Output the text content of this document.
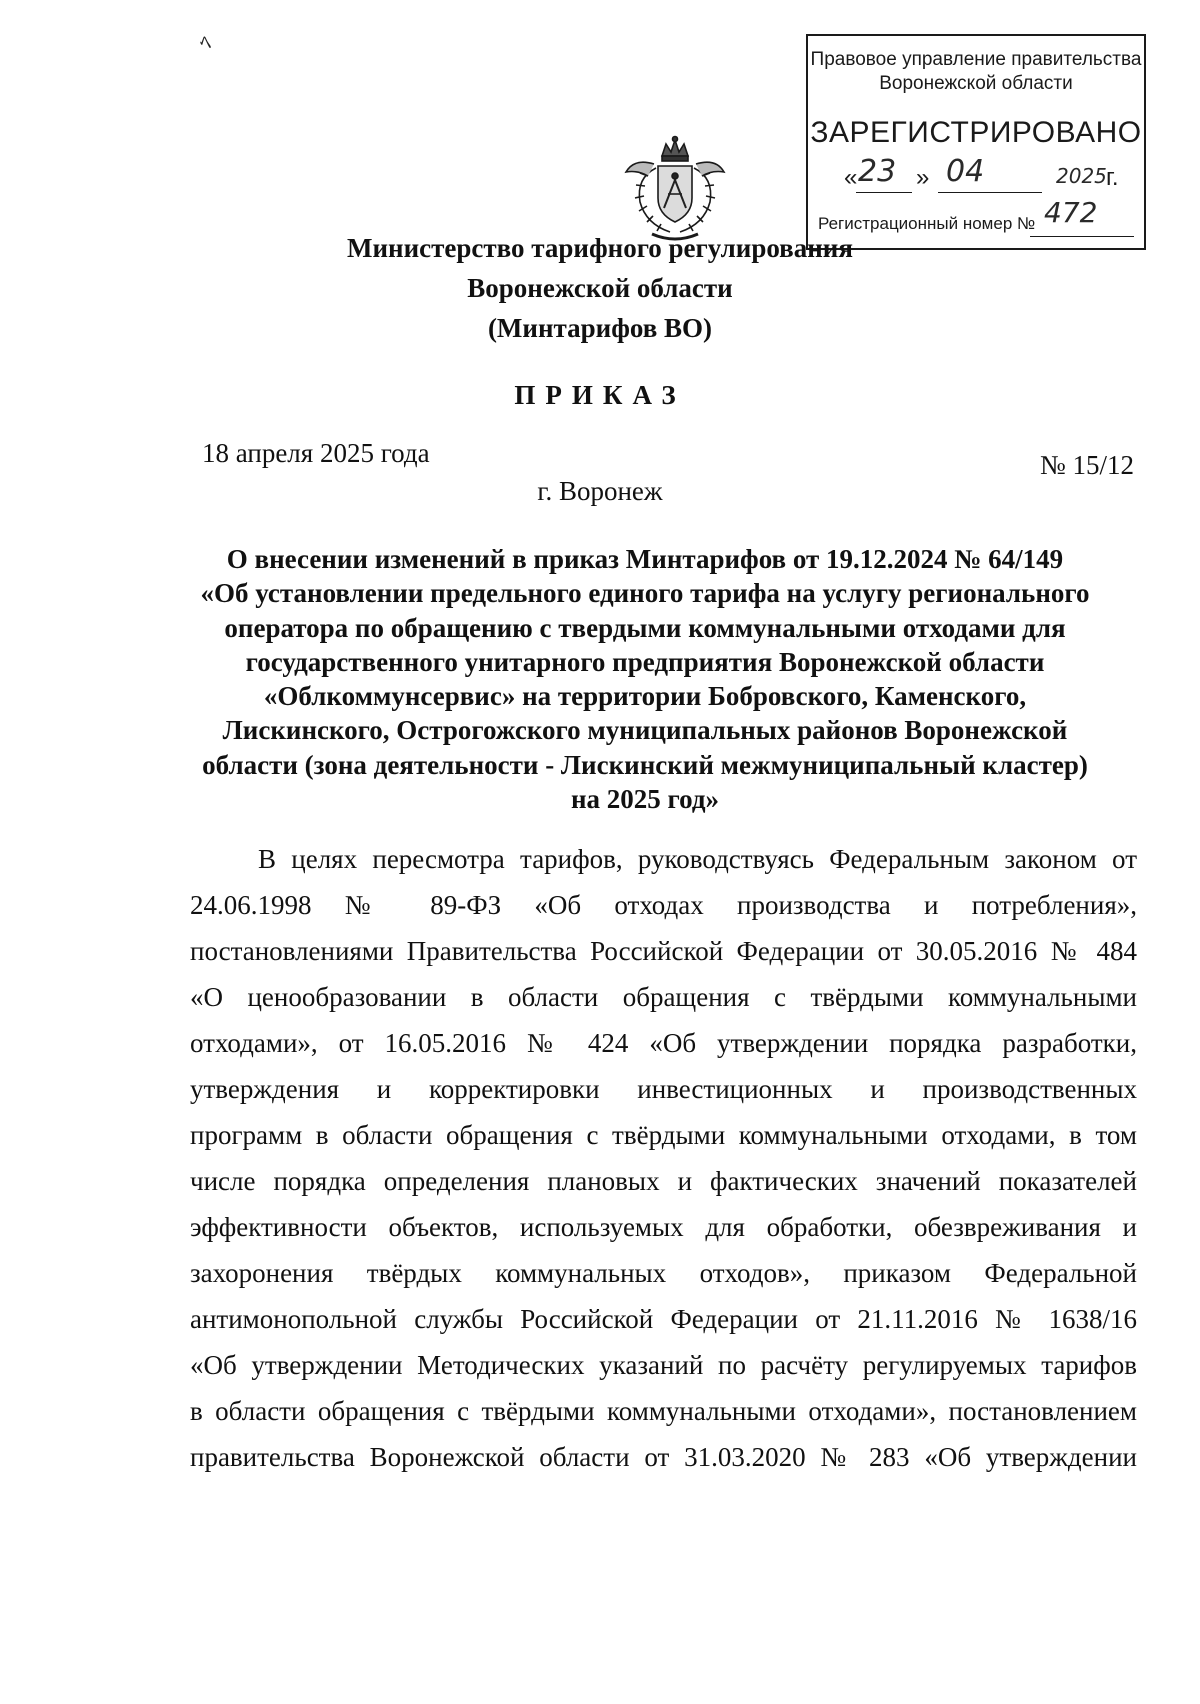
ﾍ
Правовое управление правительства
Воронежской области
ЗАРЕГИСТРИРОВАНО
« 23 » 04	2025 г.
Регистрационный номер № 472
Министерство тарифного регулирования
Воронежской области
(Минтарифов ВО)
ПРИКАЗ
18 апреля 2025 года	№ 15/12
г. Воронеж
О внесении изменений в приказ Минтарифов от 19.12.2024 № 64/149
«Об установлении предельного единого тарифа на услугу регионального
оператора по обращению с твердыми коммунальными отходами для
государственного унитарного предприятия Воронежской области
«Облкоммунсервис» на территории Бобровского, Каменского,
Лискинского, Острогожского муниципальных районов Воронежской
области (зона деятельности - Лискинский межмуниципальный кластер)
на 2025 год»
В целях пересмотра тарифов, руководствуясь Федеральным законом от
24.06.1998 № 89-ФЗ «Об отходах производства и потребления»,
постановлениями Правительства Российской Федерации от 30.05.2016 № 484
«О ценообразовании в области обращения с твёрдыми коммунальными
отходами», от 16.05.2016 № 424 «Об утверждении порядка разработки,
утверждения и корректировки инвестиционных и производственных
программ в области обращения с твёрдыми коммунальными отходами, в том
числе порядка определения плановых и фактических значений показателей
эффективности объектов, используемых для обработки, обезвреживания и
захоронения твёрдых коммунальных отходов», приказом Федеральной
антимонопольной службы Российской Федерации от 21.11.2016 № 1638/16
«Об утверждении Методических указаний по расчёту регулируемых тарифов
в области обращения с твёрдыми коммунальными отходами», постановлением
правительства Воронежской области от 31.03.2020 № 283 «Об утверждении
